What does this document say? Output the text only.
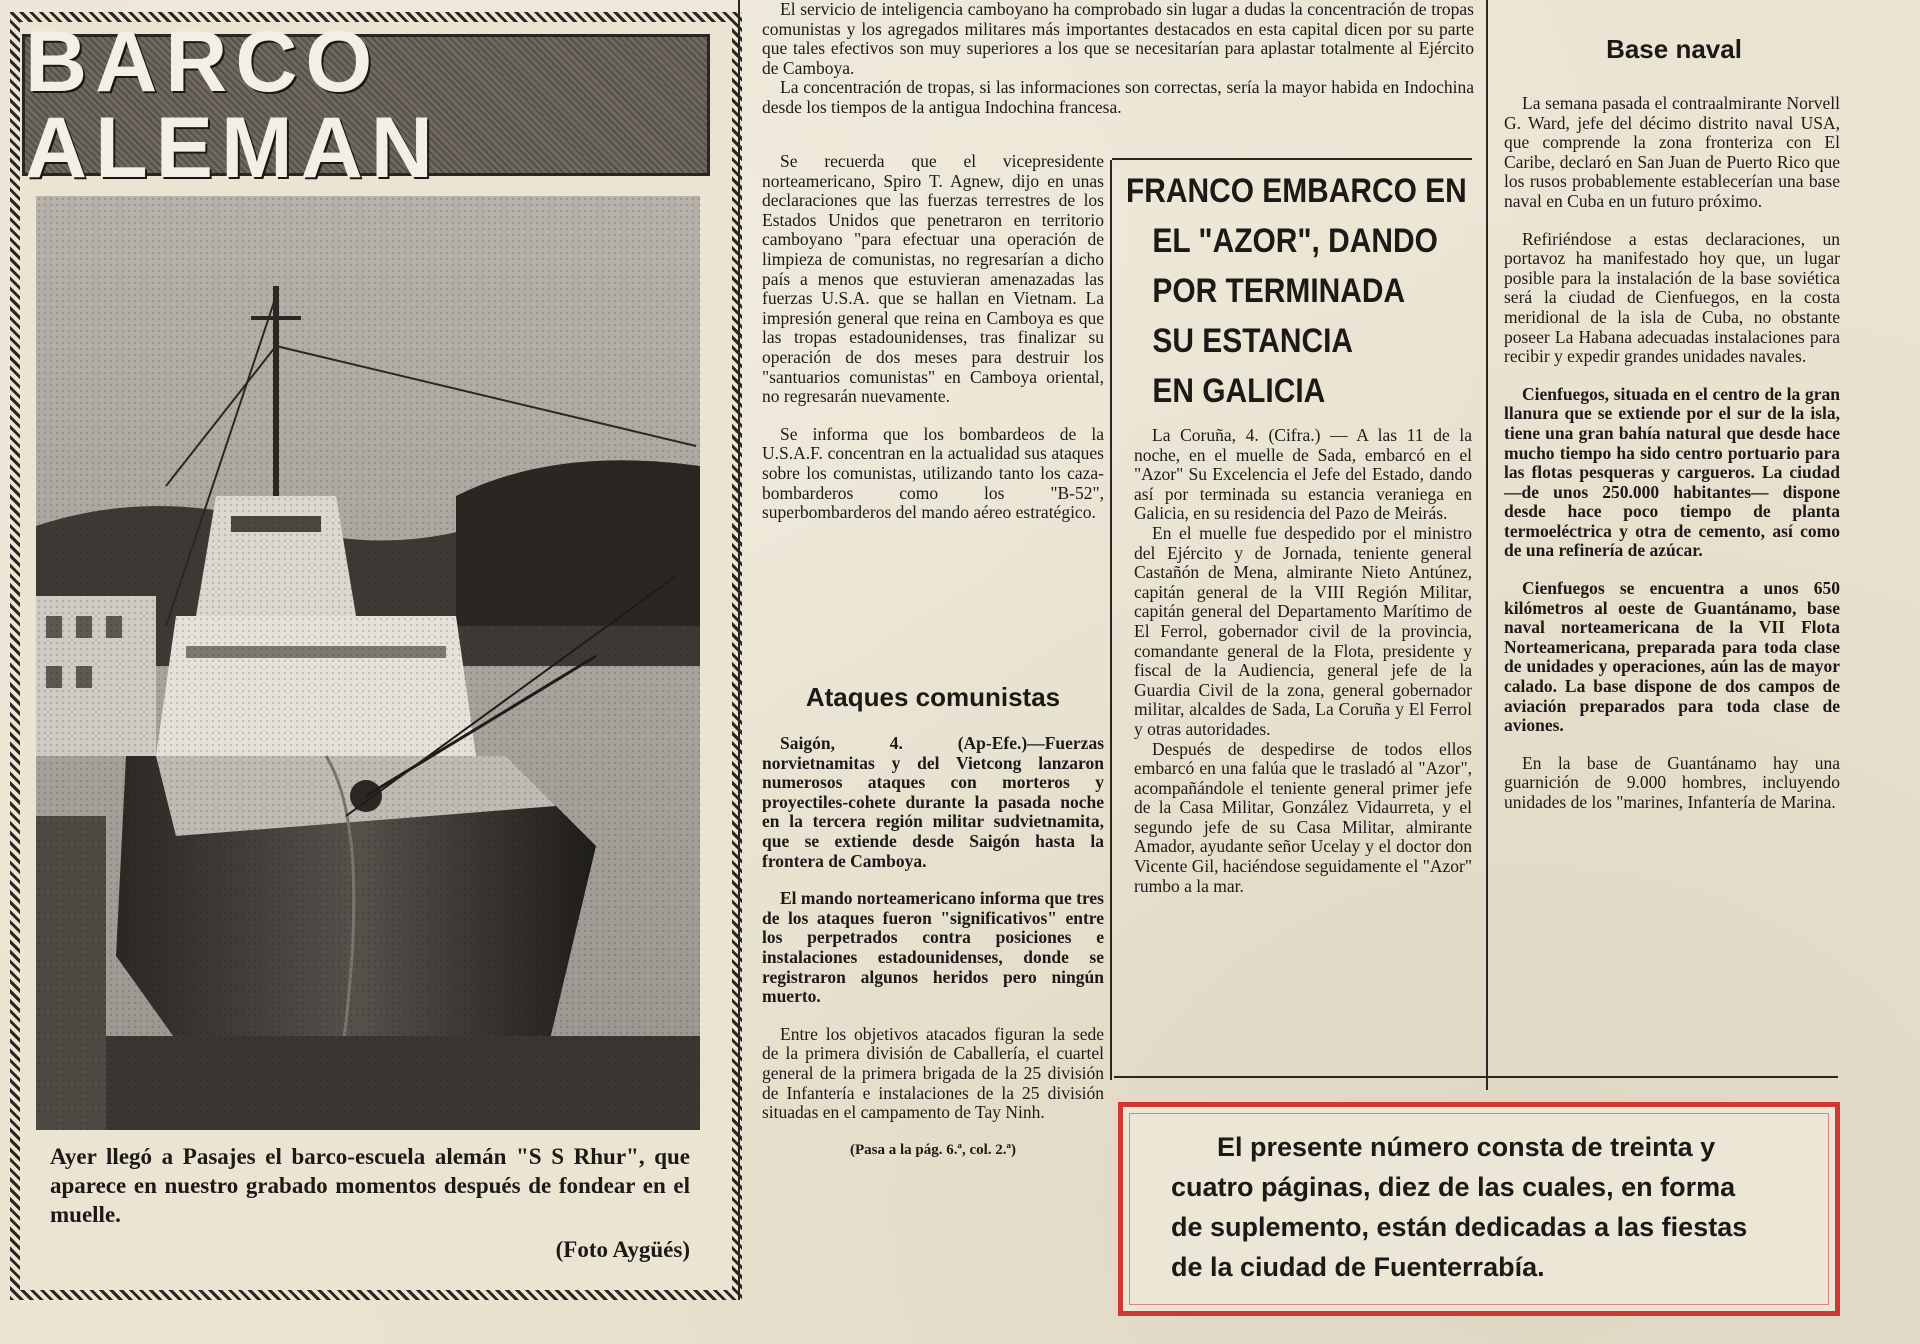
BARCO ALEMAN
Ayer llegó a Pasajes el barco-escuela alemán "S S Rhur", que aparece en nuestro grabado momentos después de fondear en el muelle.
(Foto Aygüés)

El servicio de inteligencia camboyano ha comprobado sin lugar a dudas la concentración de tropas comunistas y los agregados militares más importantes destacados en esta capital dicen por su parte que tales efectivos son muy superiores a los que se necesitarían para aplastar totalmente al Ejército de Camboya.

La concentración de tropas, si las informaciones son correctas, sería la mayor habida en Indochina desde los tiempos de la antigua Indochina francesa.

Se recuerda que el vicepresidente norteamericano, Spiro T. Agnew, dijo en unas declaraciones que las fuerzas terrestres de los Estados Unidos que penetraron en territorio camboyano "para efectuar una operación de limpieza de comunistas, no regresarían a dicho país a menos que estuvieran amenazadas las fuerzas U.S.A. que se hallan en Vietnam. La impresión general que reina en Camboya es que las tropas estadounidenses, tras finalizar su operación de dos meses para destruir los "santuarios comunistas" en Camboya oriental, no regresarán nuevamente.

Se informa que los bombardeos de la U.S.A.F. concentran en la actualidad sus ataques sobre los comunistas, utilizando tanto los caza-bombarderos como los "B-52", superbombarderos del mando aéreo estratégico.

Ataques comunistas

Saigón, 4. (Ap-Efe.)—Fuerzas norvietnamitas y del Vietcong lanzaron numerosos ataques con morteros y proyectiles-cohete durante la pasada noche en la tercera región militar sudvietnamita, que se extiende desde Saigón hasta la frontera de Camboya.

El mando norteamericano informa que tres de los ataques fueron "significativos" entre los perpetrados contra posiciones e instalaciones estadounidenses, donde se registraron algunos heridos pero ningún muerto.

Entre los objetivos atacados figuran la sede de la primera división de Caballería, el cuartel general de la primera brigada de la 25 división de Infantería e instalaciones de la 25 división situadas en el campamento de Tay Ninh.

(Pasa a la pág. 6.ª, col. 2.ª)

FRANCO EMBARCO EN
EL "AZOR", DANDO
POR TERMINADA
SU ESTANCIA
EN GALICIA

La Coruña, 4. (Cifra.) — A las 11 de la noche, en el muelle de Sada, embarcó en el "Azor" Su Excelencia el Jefe del Estado, dando así por terminada su estancia veraniega en Galicia, en su residencia del Pazo de Meirás.

En el muelle fue despedido por el ministro del Ejército y de Jornada, teniente general Castañón de Mena, almirante Nieto Antúnez, capitán general de la VIII Región Militar, capitán general del Departamento Marítimo de El Ferrol, gobernador civil de la provincia, comandante general de la Flota, presidente y fiscal de la Audiencia, general jefe de la Guardia Civil de la zona, general gobernador militar, alcaldes de Sada, La Coruña y El Ferrol y otras autoridades.

Después de despedirse de todos ellos embarcó en una falúa que le trasladó al "Azor", acompañándole el teniente general primer jefe de la Casa Militar, González Vidaurreta, y el segundo jefe de su Casa Militar, almirante Amador, ayudante señor Ucelay y el doctor don Vicente Gil, haciéndose seguidamente el "Azor" rumbo a la mar.

Base naval

La semana pasada el contraalmirante Norvell G. Ward, jefe del décimo distrito naval USA, que comprende la zona fronteriza con El Caribe, declaró en San Juan de Puerto Rico que los rusos probablemente establecerían una base naval en Cuba en un futuro próximo.

Refiriéndose a estas declaraciones, un portavoz ha manifestado hoy que, un lugar posible para la instalación de la base soviética será la ciudad de Cienfuegos, en la costa meridional de la isla de Cuba, no obstante poseer La Habana adecuadas instalaciones para recibir y expedir grandes unidades navales.

Cienfuegos, situada en el centro de la gran llanura que se extiende por el sur de la isla, tiene una gran bahía natural que desde hace mucho tiempo ha sido centro portuario para las flotas pesqueras y cargueros. La ciudad —de unos 250.000 habitantes— dispone desde hace poco tiempo de planta termoeléctrica y otra de cemento, así como de una refinería de azúcar.

Cienfuegos se encuentra a unos 650 kilómetros al oeste de Guantánamo, base naval norteamericana de la VII Flota Norteamericana, preparada para toda clase de unidades y operaciones, aún las de mayor calado. La base dispone de dos campos de aviación preparados para toda clase de aviones.

En la base de Guantánamo hay una guarnición de 9.000 hombres, incluyendo unidades de los "marines, Infantería de Marina.

El presente número consta de treinta y
cuatro páginas, diez de las cuales, en forma
de suplemento, están dedicadas a las fiestas
de la ciudad de Fuenterrabía.
